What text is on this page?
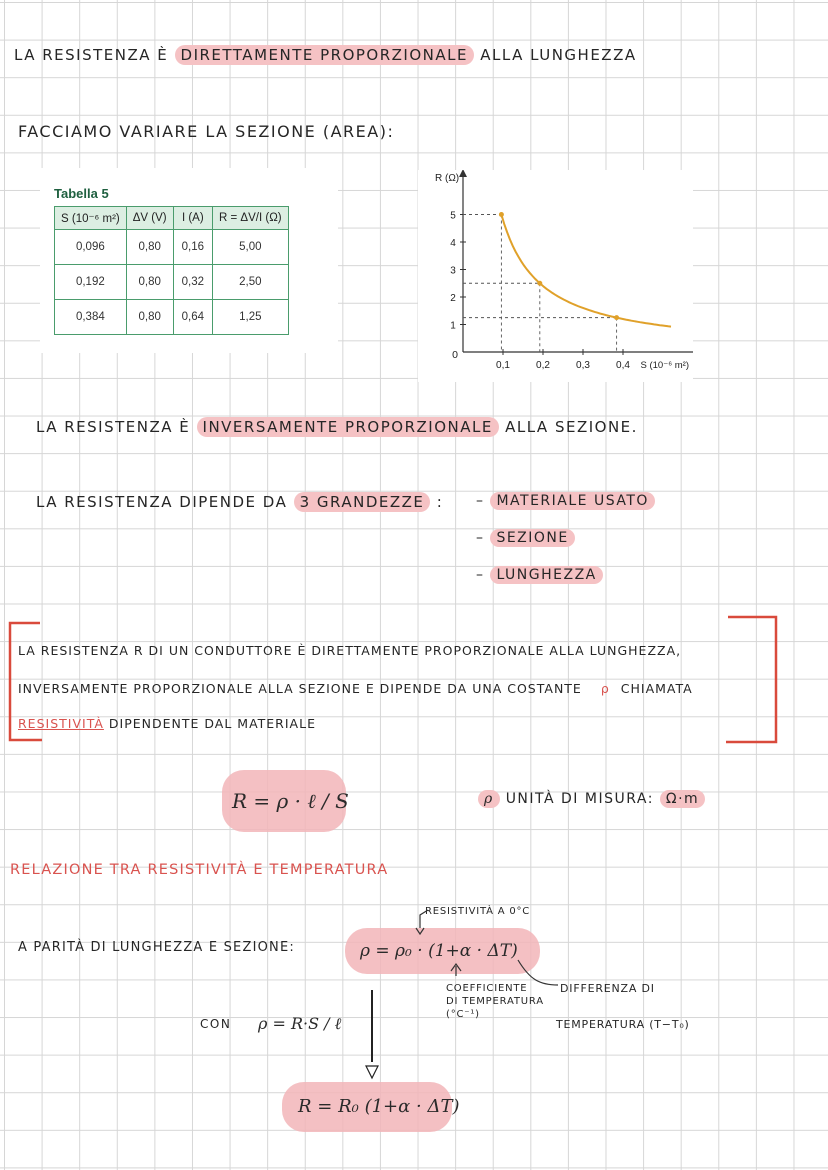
LA RESISTENZA È DIRETTAMENTE PROPORZIONALE ALLA LUNGHEZZA
FACCIAMO VARIARE LA SEZIONE (AREA):
Tabella 5
S (10⁻⁶ m²)	ΔV (V)	I (A)	R = ΔV/I (Ω)
0,096	0,80	0,16	5,00
0,192	0,80	0,32	2,50
0,384	0,80	0,64	1,25
R (Ω)
S (10⁻⁶ m²)
0
1
2
3
4
5
0,1	0,2	0,3	0,4
LA RESISTENZA È INVERSAMENTE PROPORZIONALE ALLA SEZIONE.
LA RESISTENZA DIPENDE DA 3 GRANDEZZE : – MATERIALE USATO
– SEZIONE
– LUNGHEZZA
LA RESISTENZA R DI UN CONDUTTORE È DIRETTAMENTE PROPORZIONALE ALLA LUNGHEZZA,
INVERSAMENTE PROPORZIONALE ALLA SEZIONE E DIPENDE DA UNA COSTANTE ρ CHIAMATA
RESISTIVITÀ DIPENDENTE DAL MATERIALE
R = ρ · ℓ / S	ρ UNITÀ DI MISURA: Ω·m
RELAZIONE TRA RESISTIVITÀ E TEMPERATURA
A PARITÀ DI LUNGHEZZA E SEZIONE:	ρ = ρ₀ · (1+α · ΔT)
RESISTIVITÀ A 0°C
COEFFICIENTE
DI TEMPERATURA
(°C⁻¹)
DIFFERENZA DI
TEMPERATURA (T−T₀)
CON ρ = R·S / ℓ
R = R₀ (1+α · ΔT)
